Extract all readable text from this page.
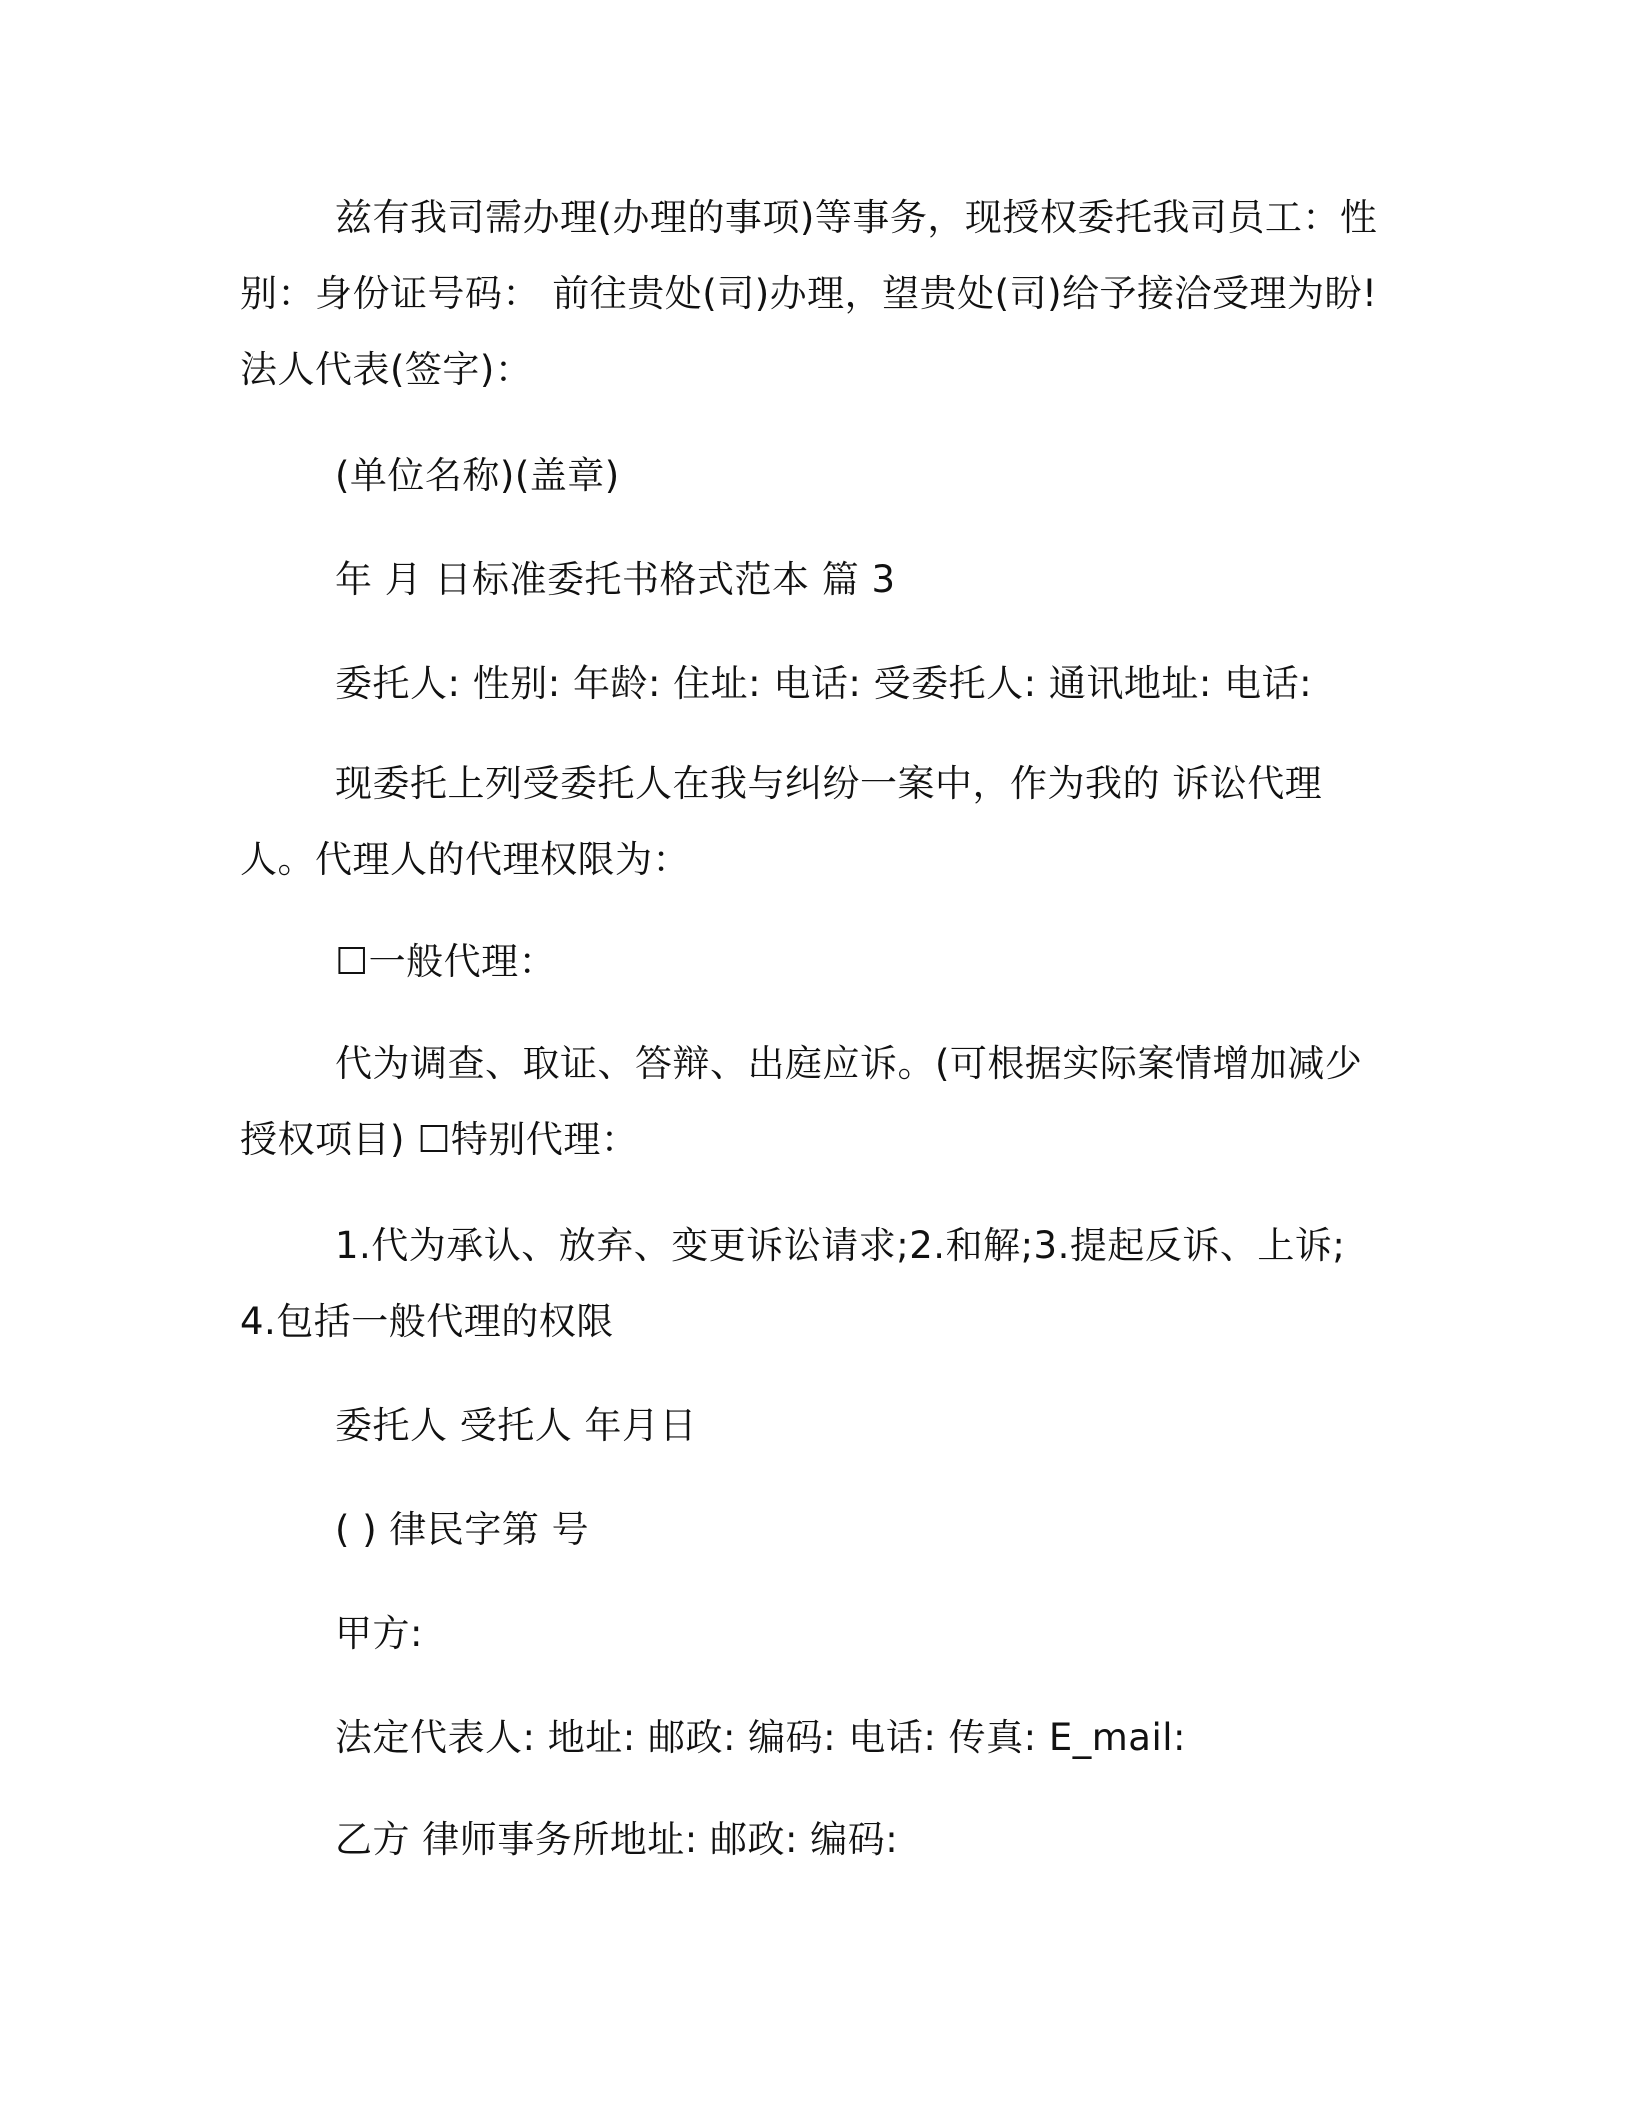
兹有我司需办理(办理的事项)等事务，现授权委托我司员工：性别：身份证号码： 前往贵处(司)办理，望贵处(司)给予接洽受理为盼! 法人代表(签字)：

(单位名称)(盖章)

年 月 日标准委托书格式范本 篇 3

委托人: 性别: 年龄: 住址: 电话: 受委托人: 通讯地址: 电话:

现委托上列受委托人在我与纠纷一案中，作为我的 诉讼代理人。代理人的代理权限为：

☐一般代理：

代为调查、取证、答辩、出庭应诉。(可根据实际案情增加减少授权项目) ☐特别代理：

1.代为承认、放弃、变更诉讼请求;2.和解;3.提起反诉、上诉;4.包括一般代理的权限

委托人 受托人 年月日

( ) 律民字第 号

甲方:

法定代表人: 地址: 邮政: 编码: 电话: 传真: E_mail:

乙方 律师事务所地址: 邮政: 编码:
